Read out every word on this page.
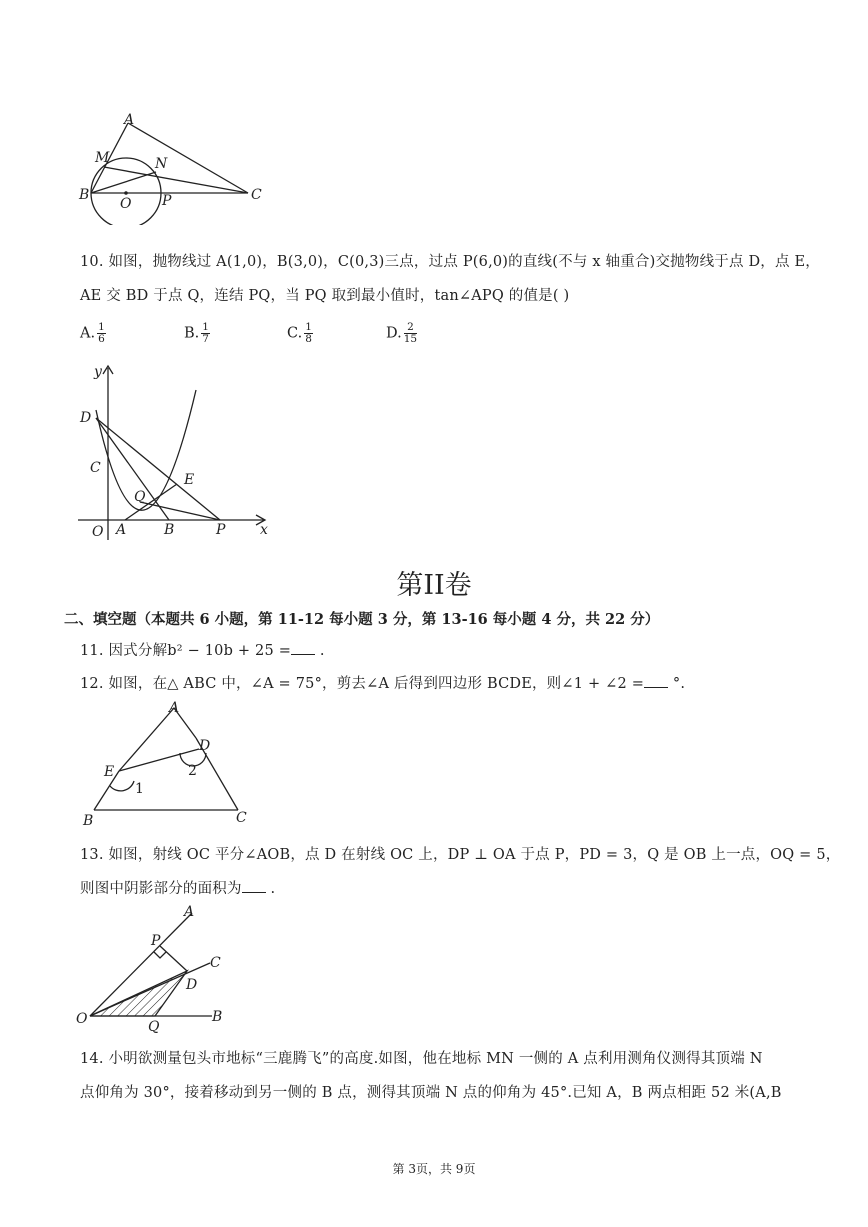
A
M	N
B
O P	C
10. 如图，抛物线过 A(1,0)，B(3,0)，C(0,3)三点，过点 P(6,0)的直线(不与 x 轴重合)交抛物线于点 D，点 E，
AE 交 BD 于点 Q，连结 PQ，当 PQ 取到最小值时，tan∠APQ 的值是( )
A. $\frac{1}{6}$	B. $\frac{1}{7}$	C. $\frac{1}{8}$	D. $\frac{2}{15}$
y
x
D
C
E
Q
O A	B	P
第II卷
二、填空题（本题共 6 小题，第 11-12 每小题 3 分，第 13-16 每小题 4 分，共 22 分）
11. 因式分解b² − 10b + 25 = .
12. 如图，在△ ABC 中，∠A = 75°，剪去∠A 后得到四边形 BCDE，则∠1 + ∠2 = °.
A
D
E	2
1
B	C
13. 如图，射线 OC 平分∠AOB，点 D 在射线 OC 上，DP ⊥ OA 于点 P，PD = 3，Q 是 OB 上一点，OQ = 5，
则图中阴影部分的面积为 .
A
P
C
D
O	Q
B
14. 小明欲测量包头市地标“三鹿腾飞”的高度.如图，他在地标 MN 一侧的 A 点利用测角仪测得其顶端 N
点仰角为 30°，接着移动到另一侧的 B 点，测得其顶端 N 点的仰角为 45°.已知 A，B 两点相距 52 米(A,B
第 3页，共 9页
